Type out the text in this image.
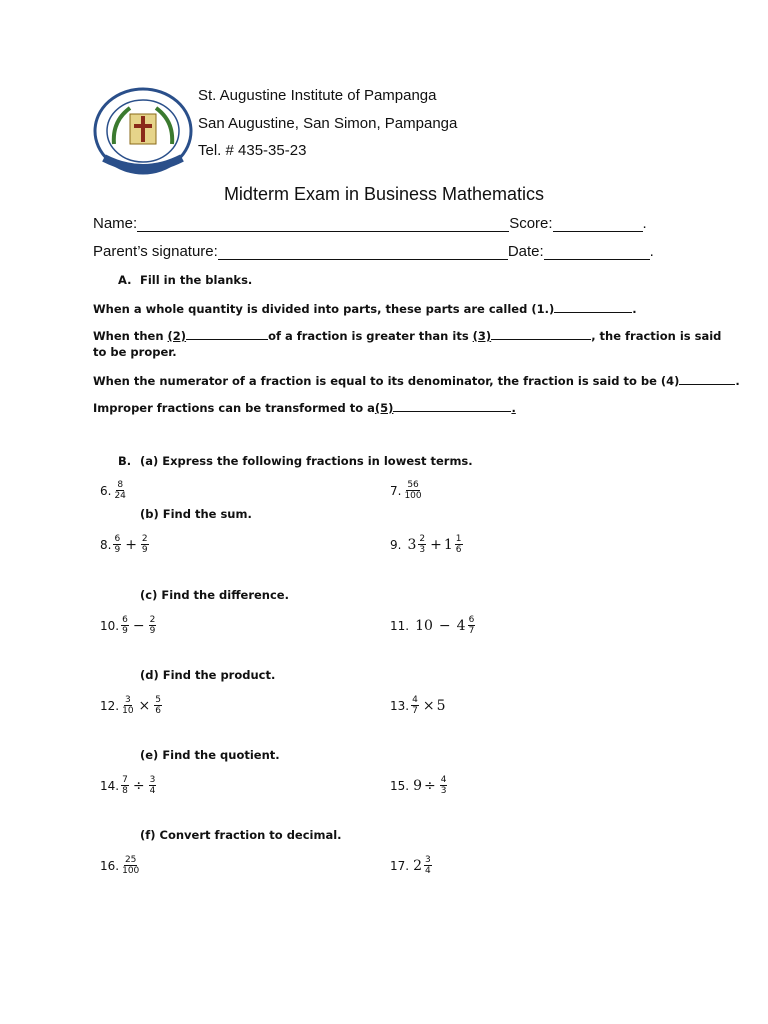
St. Augustine Institute of Pampanga
San Augustine, San Simon, Pampanga
Tel. # 435-35-23
Midterm Exam in Business Mathematics
Name :	Score :	.
Parent’s signature:	Date :	.
A. Fill in the blanks.
When a whole quantity is divided into parts, these parts are called (1.)	.
When then (2)	of a fraction is greater than its (3)	, the fraction is said
to be proper.
When the numerator of a fraction is equal to its denominator, the fraction is said to be (4)	.
Improper fractions can be transformed to a(5)	.
B. (a) Express the following fractions in lowest terms.
6. $\frac{8}{24}$	7. $\frac{56}{100}$
(b) Find the sum.
8. $\frac{6}{9} + \frac{2}{9}$	9. $3 \frac{2}{3} + 1 \frac{1}{6}$
(c) Find the difference.
10. $\frac{6}{9} - \frac{2}{9}$	11. $10 - 4 \frac{6}{7}$
(d) Find the product.
12. $\frac{3}{10} \times \frac{5}{6}$	13. $\frac{4}{7} \times 5$
(e) Find the quotient.
14. $\frac{7}{8} \div \frac{3}{4}$	15. $9 \div \frac{4}{3}$
(f) Convert fraction to decimal.
16. $\frac{25}{100}$	17. $2 \frac{3}{4}$
